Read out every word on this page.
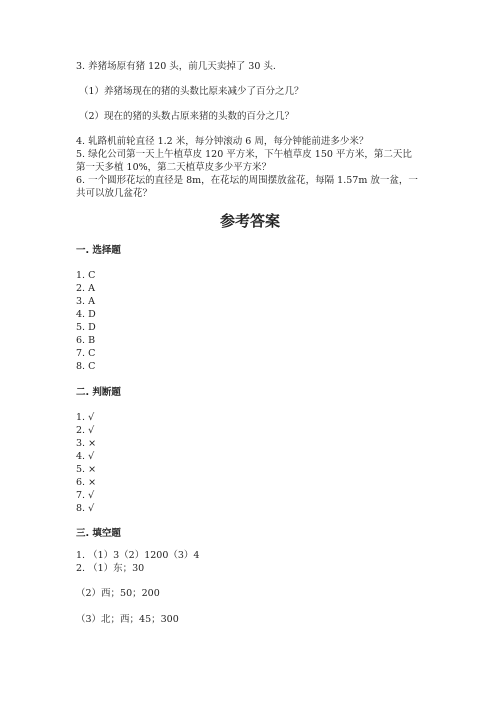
3. 养猪场原有猪 120 头，前几天卖掉了 30 头.
（1）养猪场现在的猪的头数比原来减少了百分之几？
（2）现在的猪的头数占原来猪的头数的百分之几？
4. 轧路机前轮直径 1.2 米，每分钟滚动 6 周，每分钟能前进多少米？
5. 绿化公司第一天上午植草皮 120 平方米，下午植草皮 150 平方米，第二天比
第一天多植 10%，第二天植草皮多少平方米？
6. 一个圆形花坛的直径是 8m，在花坛的周围摆放盆花，每隔 1.57m 放一盆，一
共可以放几盆花？
参考答案
一. 选择题
1. C
2. A
3. A
4. D
5. D
6. B
7. C
8. C
二. 判断题
1. √
2. √
3. ×
4. √
5. ×
6. ×
7. √
8. √
三. 填空题
1. （1）3（2）1200（3）4
2. （1）东；30
（2）西；50；200
（3）北；西；45；300
